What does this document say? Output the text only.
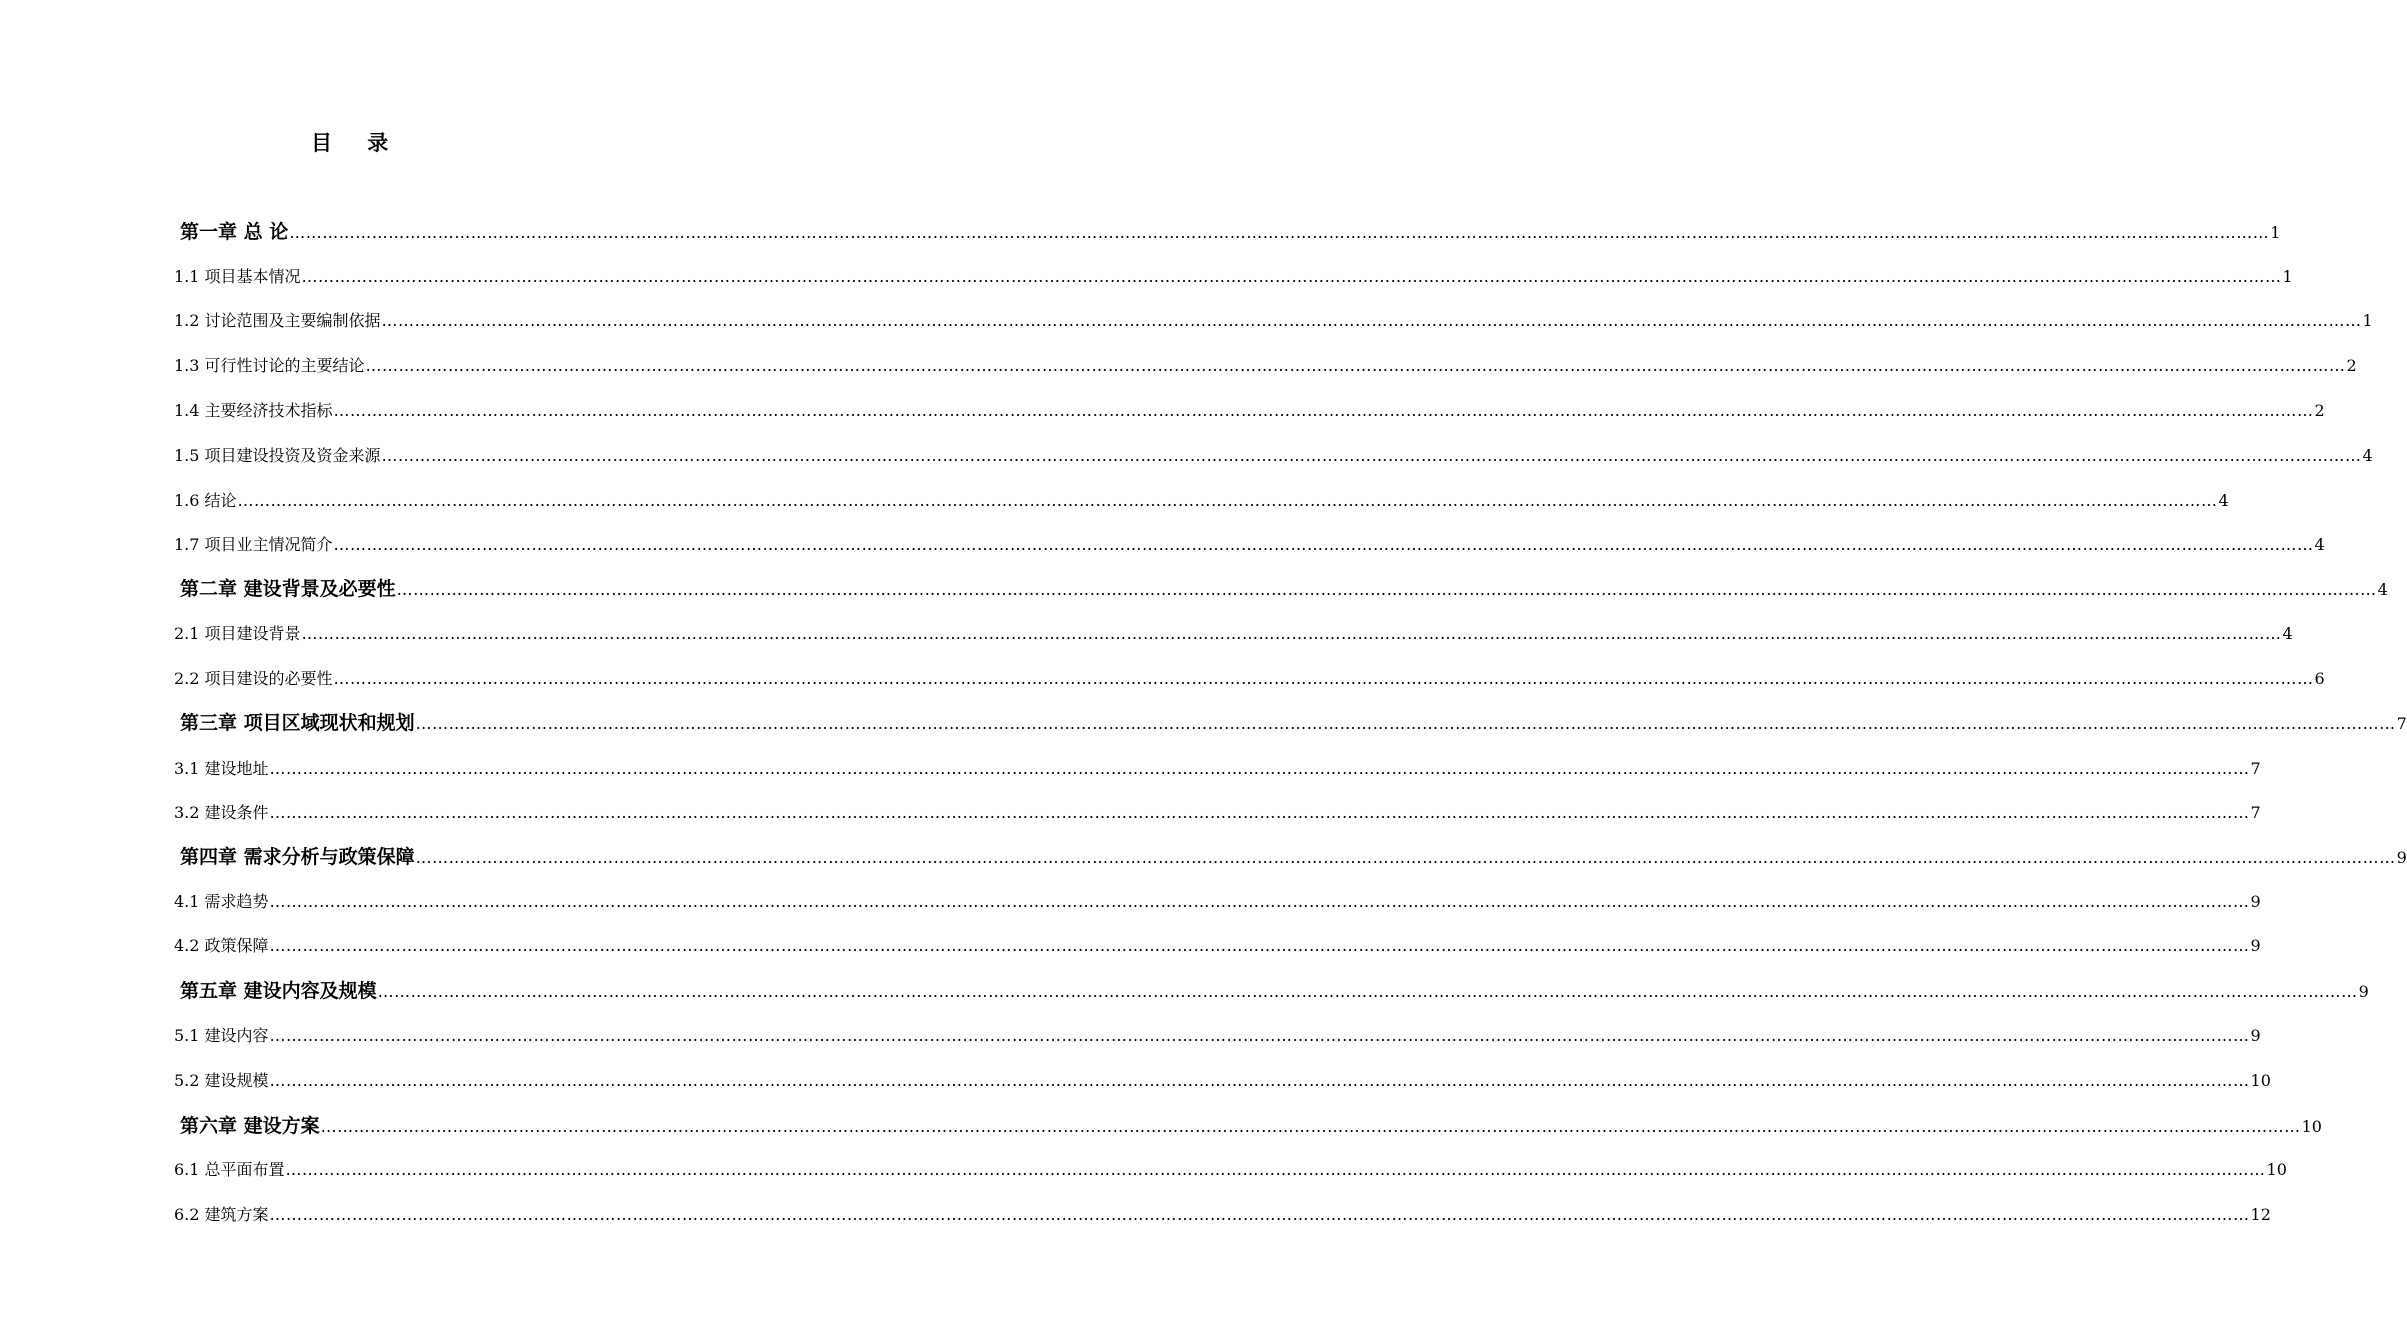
目 录
第一章 总 论 ……………………………………………………………………………………………………………………………………………………………………………………………………………………………………………………………………………………………………………………………… 1
1.1 项目基本情况 ……………………………………………………………………………………………………………………………………………………………………………………………………………………………………………………………………………………………………………………………… 1
1.2 讨论范围及主要编制依据 ……………………………………………………………………………………………………………………………………………………………………………………………………………………………………………………………………………………………………………………………… 1
1.3 可行性讨论的主要结论 ……………………………………………………………………………………………………………………………………………………………………………………………………………………………………………………………………………………………………………………………… 2
1.4 主要经济技术指标 ……………………………………………………………………………………………………………………………………………………………………………………………………………………………………………………………………………………………………………………………… 2
1.5 项目建设投资及资金来源 ……………………………………………………………………………………………………………………………………………………………………………………………………………………………………………………………………………………………………………………………… 4
1.6 结论 ……………………………………………………………………………………………………………………………………………………………………………………………………………………………………………………………………………………………………………………………… 4
1.7 项目业主情况简介 ……………………………………………………………………………………………………………………………………………………………………………………………………………………………………………………………………………………………………………………………… 4
第二章 建设背景及必要性 ……………………………………………………………………………………………………………………………………………………………………………………………………………………………………………………………………………………………………………………………… 4
2.1 项目建设背景 ……………………………………………………………………………………………………………………………………………………………………………………………………………………………………………………………………………………………………………………………… 4
2.2 项目建设的必要性 ……………………………………………………………………………………………………………………………………………………………………………………………………………………………………………………………………………………………………………………………… 6
第三章 项目区域现状和规划 ……………………………………………………………………………………………………………………………………………………………………………………………………………………………………………………………………………………………………………………………… 7
3.1 建设地址 ……………………………………………………………………………………………………………………………………………………………………………………………………………………………………………………………………………………………………………………………… 7
3.2 建设条件 ……………………………………………………………………………………………………………………………………………………………………………………………………………………………………………………………………………………………………………………………… 7
第四章 需求分析与政策保障 ……………………………………………………………………………………………………………………………………………………………………………………………………………………………………………………………………………………………………………………………… 9
4.1 需求趋势 ……………………………………………………………………………………………………………………………………………………………………………………………………………………………………………………………………………………………………………………………… 9
4.2 政策保障 ……………………………………………………………………………………………………………………………………………………………………………………………………………………………………………………………………………………………………………………………… 9
第五章 建设内容及规模 ……………………………………………………………………………………………………………………………………………………………………………………………………………………………………………………………………………………………………………………………… 9
5.1 建设内容 ……………………………………………………………………………………………………………………………………………………………………………………………………………………………………………………………………………………………………………………………… 9
5.2 建设规模 ……………………………………………………………………………………………………………………………………………………………………………………………………………………………………………………………………………………………………………………………… 10
第六章 建设方案 ……………………………………………………………………………………………………………………………………………………………………………………………………………………………………………………………………………………………………………………………… 10
6.1 总平面布置 ……………………………………………………………………………………………………………………………………………………………………………………………………………………………………………………………………………………………………………………………… 10
6.2 建筑方案 ……………………………………………………………………………………………………………………………………………………………………………………………………………………………………………………………………………………………………………………………… 12
